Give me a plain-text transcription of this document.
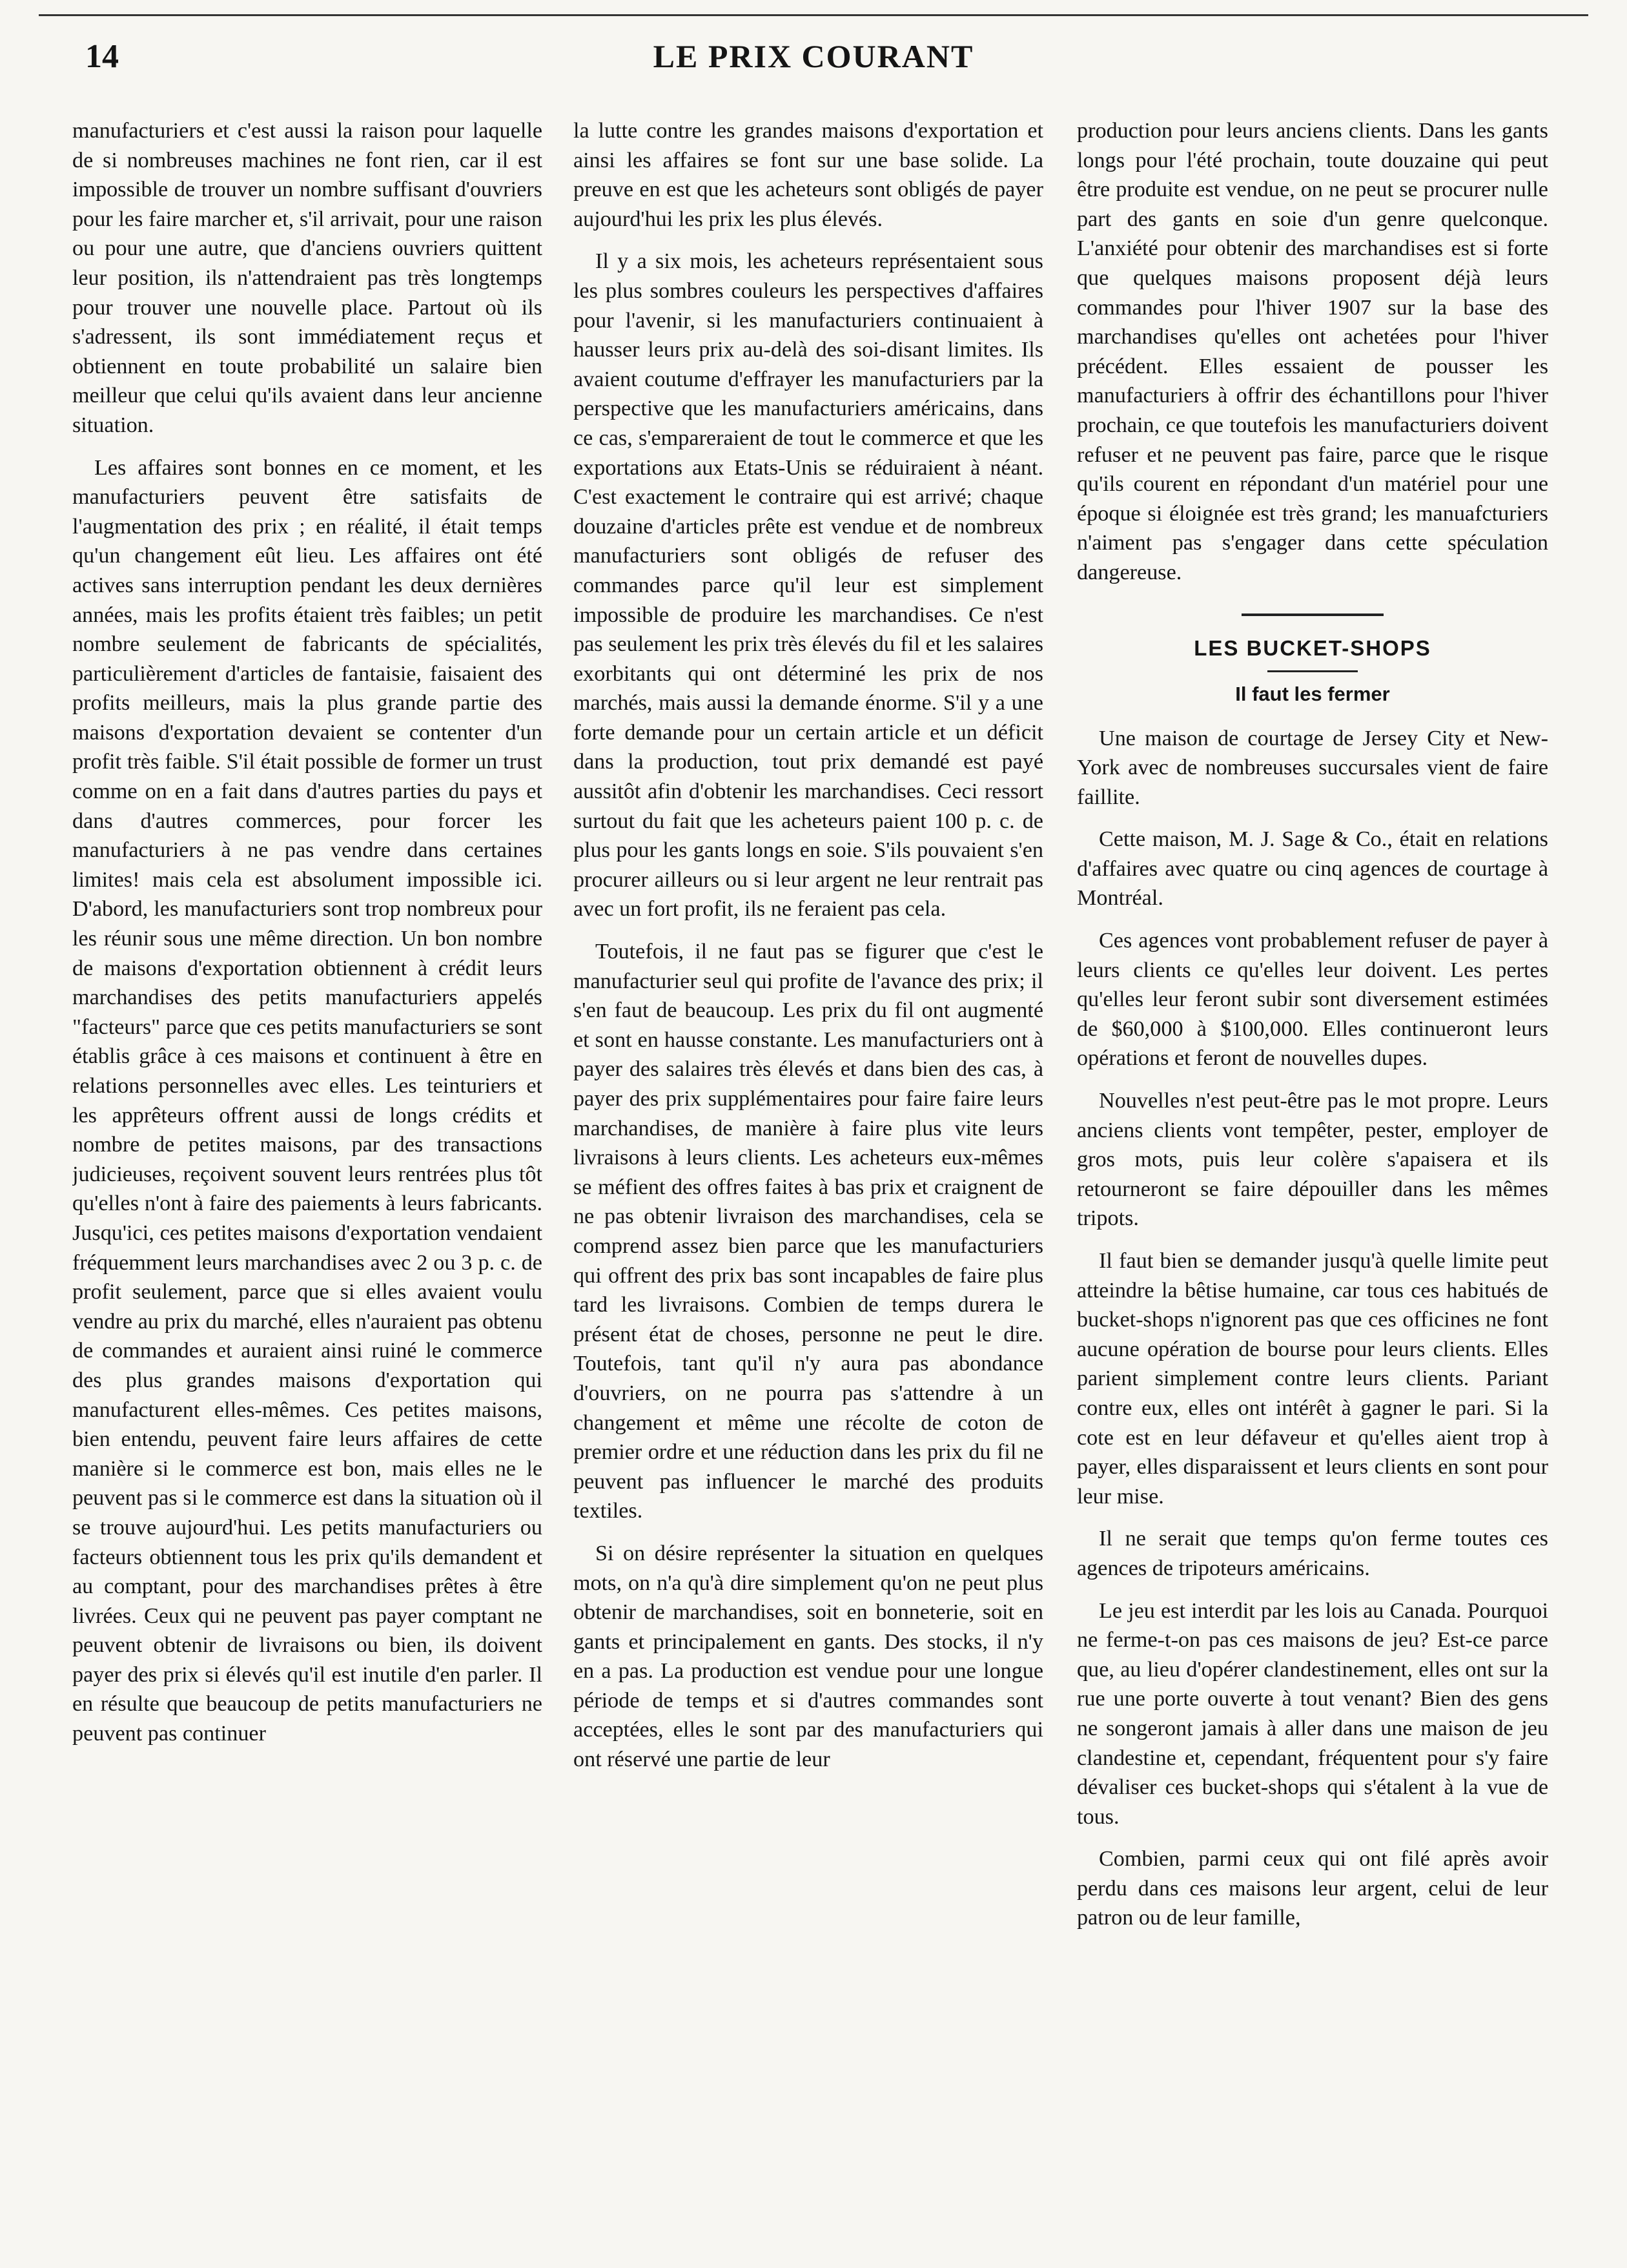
14	LE PRIX COURANT

manufacturiers et c'est aussi la raison pour laquelle de si nombreuses machines ne font rien, car il est impossible de trouver un nombre suffisant d'ouvriers pour les faire marcher et, s'il arrivait, pour une raison ou pour une autre, que d'anciens ouvriers quittent leur position, ils n'attendraient pas très longtemps pour trouver une nouvelle place. Partout où ils s'adressent, ils sont immédiatement reçus et obtiennent en toute probabilité un salaire bien meilleur que celui qu'ils avaient dans leur ancienne situation.

Les affaires sont bonnes en ce moment, et les manufacturiers peuvent être satisfaits de l'augmentation des prix ; en réalité, il était temps qu'un changement eût lieu. Les affaires ont été actives sans interruption pendant les deux dernières années, mais les profits étaient très faibles; un petit nombre seulement de fabricants de spécialités, particulièrement d'articles de fantaisie, faisaient des profits meilleurs, mais la plus grande partie des maisons d'exportation devaient se contenter d'un profit très faible. S'il était possible de former un trust comme on en a fait dans d'autres parties du pays et dans d'autres commerces, pour forcer les manufacturiers à ne pas vendre dans certaines limites! mais cela est absolument impossible ici. D'abord, les manufacturiers sont trop nombreux pour les réunir sous une même direction. Un bon nombre de maisons d'exportation obtiennent à crédit leurs marchandises des petits manufacturiers appelés "facteurs" parce que ces petits manufacturiers se sont établis grâce à ces maisons et continuent à être en relations personnelles avec elles. Les teinturiers et les apprêteurs offrent aussi de longs crédits et nombre de petites maisons, par des transactions judicieuses, reçoivent souvent leurs rentrées plus tôt qu'elles n'ont à faire des paiements à leurs fabricants. Jusqu'ici, ces petites maisons d'exportation vendaient fréquemment leurs marchandises avec 2 ou 3 p. c. de profit seulement, parce que si elles avaient voulu vendre au prix du marché, elles n'auraient pas obtenu de commandes et auraient ainsi ruiné le commerce des plus grandes maisons d'exportation qui manufacturent elles-mêmes. Ces petites maisons, bien entendu, peuvent faire leurs affaires de cette manière si le commerce est bon, mais elles ne le peuvent pas si le commerce est dans la situation où il se trouve aujourd'hui. Les petits manufacturiers ou facteurs obtiennent tous les prix qu'ils demandent et au comptant, pour des marchandises prêtes à être livrées. Ceux qui ne peuvent pas payer comptant ne peuvent obtenir de livraisons ou bien, ils doivent payer des prix si élevés qu'il est inutile d'en parler. Il en résulte que beaucoup de petits manufacturiers ne peuvent pas continuer

la lutte contre les grandes maisons d'exportation et ainsi les affaires se font sur une base solide. La preuve en est que les acheteurs sont obligés de payer aujourd'hui les prix les plus élevés.

Il y a six mois, les acheteurs représentaient sous les plus sombres couleurs les perspectives d'affaires pour l'avenir, si les manufacturiers continuaient à hausser leurs prix au-delà des soi-disant limites. Ils avaient coutume d'effrayer les manufacturiers par la perspective que les manufacturiers américains, dans ce cas, s'empareraient de tout le commerce et que les exportations aux Etats-Unis se réduiraient à néant. C'est exactement le contraire qui est arrivé; chaque douzaine d'articles prête est vendue et de nombreux manufacturiers sont obligés de refuser des commandes parce qu'il leur est simplement impossible de produire les marchandises. Ce n'est pas seulement les prix très élevés du fil et les salaires exorbitants qui ont déterminé les prix de nos marchés, mais aussi la demande énorme. S'il y a une forte demande pour un certain article et un déficit dans la production, tout prix demandé est payé aussitôt afin d'obtenir les marchandises. Ceci ressort surtout du fait que les acheteurs paient 100 p. c. de plus pour les gants longs en soie. S'ils pouvaient s'en procurer ailleurs ou si leur argent ne leur rentrait pas avec un fort profit, ils ne feraient pas cela.

Toutefois, il ne faut pas se figurer que c'est le manufacturier seul qui profite de l'avance des prix; il s'en faut de beaucoup. Les prix du fil ont augmenté et sont en hausse constante. Les manufacturiers ont à payer des salaires très élevés et dans bien des cas, à payer des prix supplémentaires pour faire faire leurs marchandises, de manière à faire plus vite leurs livraisons à leurs clients. Les acheteurs eux-mêmes se méfient des offres faites à bas prix et craignent de ne pas obtenir livraison des marchandises, cela se comprend assez bien parce que les manufacturiers qui offrent des prix bas sont incapables de faire plus tard les livraisons. Combien de temps durera le présent état de choses, personne ne peut le dire. Toutefois, tant qu'il n'y aura pas abondance d'ouvriers, on ne pourra pas s'attendre à un changement et même une récolte de coton de premier ordre et une réduction dans les prix du fil ne peuvent pas influencer le marché des produits textiles.

Si on désire représenter la situation en quelques mots, on n'a qu'à dire simplement qu'on ne peut plus obtenir de marchandises, soit en bonneterie, soit en gants et principalement en gants. Des stocks, il n'y en a pas. La production est vendue pour une longue période de temps et si d'autres commandes sont acceptées, elles le sont par des manufacturiers qui ont réservé une partie de leur

production pour leurs anciens clients. Dans les gants longs pour l'été prochain, toute douzaine qui peut être produite est vendue, on ne peut se procurer nulle part des gants en soie d'un genre quelconque. L'anxiété pour obtenir des marchandises est si forte que quelques maisons proposent déjà leurs commandes pour l'hiver 1907 sur la base des marchandises qu'elles ont achetées pour l'hiver précédent. Elles essaient de pousser les manufacturiers à offrir des échantillons pour l'hiver prochain, ce que toutefois les manufacturiers doivent refuser et ne peuvent pas faire, parce que le risque qu'ils courent en répondant d'un matériel pour une époque si éloignée est très grand; les manuafcturiers n'aiment pas s'engager dans cette spéculation dangereuse.

LES BUCKET-SHOPS
Il faut les fermer

Une maison de courtage de Jersey City et New-York avec de nombreuses succursales vient de faire faillite.

Cette maison, M. J. Sage & Co., était en relations d'affaires avec quatre ou cinq agences de courtage à Montréal.

Ces agences vont probablement refuser de payer à leurs clients ce qu'elles leur doivent. Les pertes qu'elles leur feront subir sont diversement estimées de $60,000 à $100,000. Elles continueront leurs opérations et feront de nouvelles dupes.

Nouvelles n'est peut-être pas le mot propre. Leurs anciens clients vont tempêter, pester, employer de gros mots, puis leur colère s'apaisera et ils retourneront se faire dépouiller dans les mêmes tripots.

Il faut bien se demander jusqu'à quelle limite peut atteindre la bêtise humaine, car tous ces habitués de bucket-shops n'ignorent pas que ces officines ne font aucune opération de bourse pour leurs clients. Elles parient simplement contre leurs clients. Pariant contre eux, elles ont intérêt à gagner le pari. Si la cote est en leur défaveur et qu'elles aient trop à payer, elles disparaissent et leurs clients en sont pour leur mise.

Il ne serait que temps qu'on ferme toutes ces agences de tripoteurs américains.

Le jeu est interdit par les lois au Canada. Pourquoi ne ferme-t-on pas ces maisons de jeu? Est-ce parce que, au lieu d'opérer clandestinement, elles ont sur la rue une porte ouverte à tout venant? Bien des gens ne songeront jamais à aller dans une maison de jeu clandestine et, cependant, fréquentent pour s'y faire dévaliser ces bucket-shops qui s'étalent à la vue de tous.

Combien, parmi ceux qui ont filé après avoir perdu dans ces maisons leur argent, celui de leur patron ou de leur famille,
